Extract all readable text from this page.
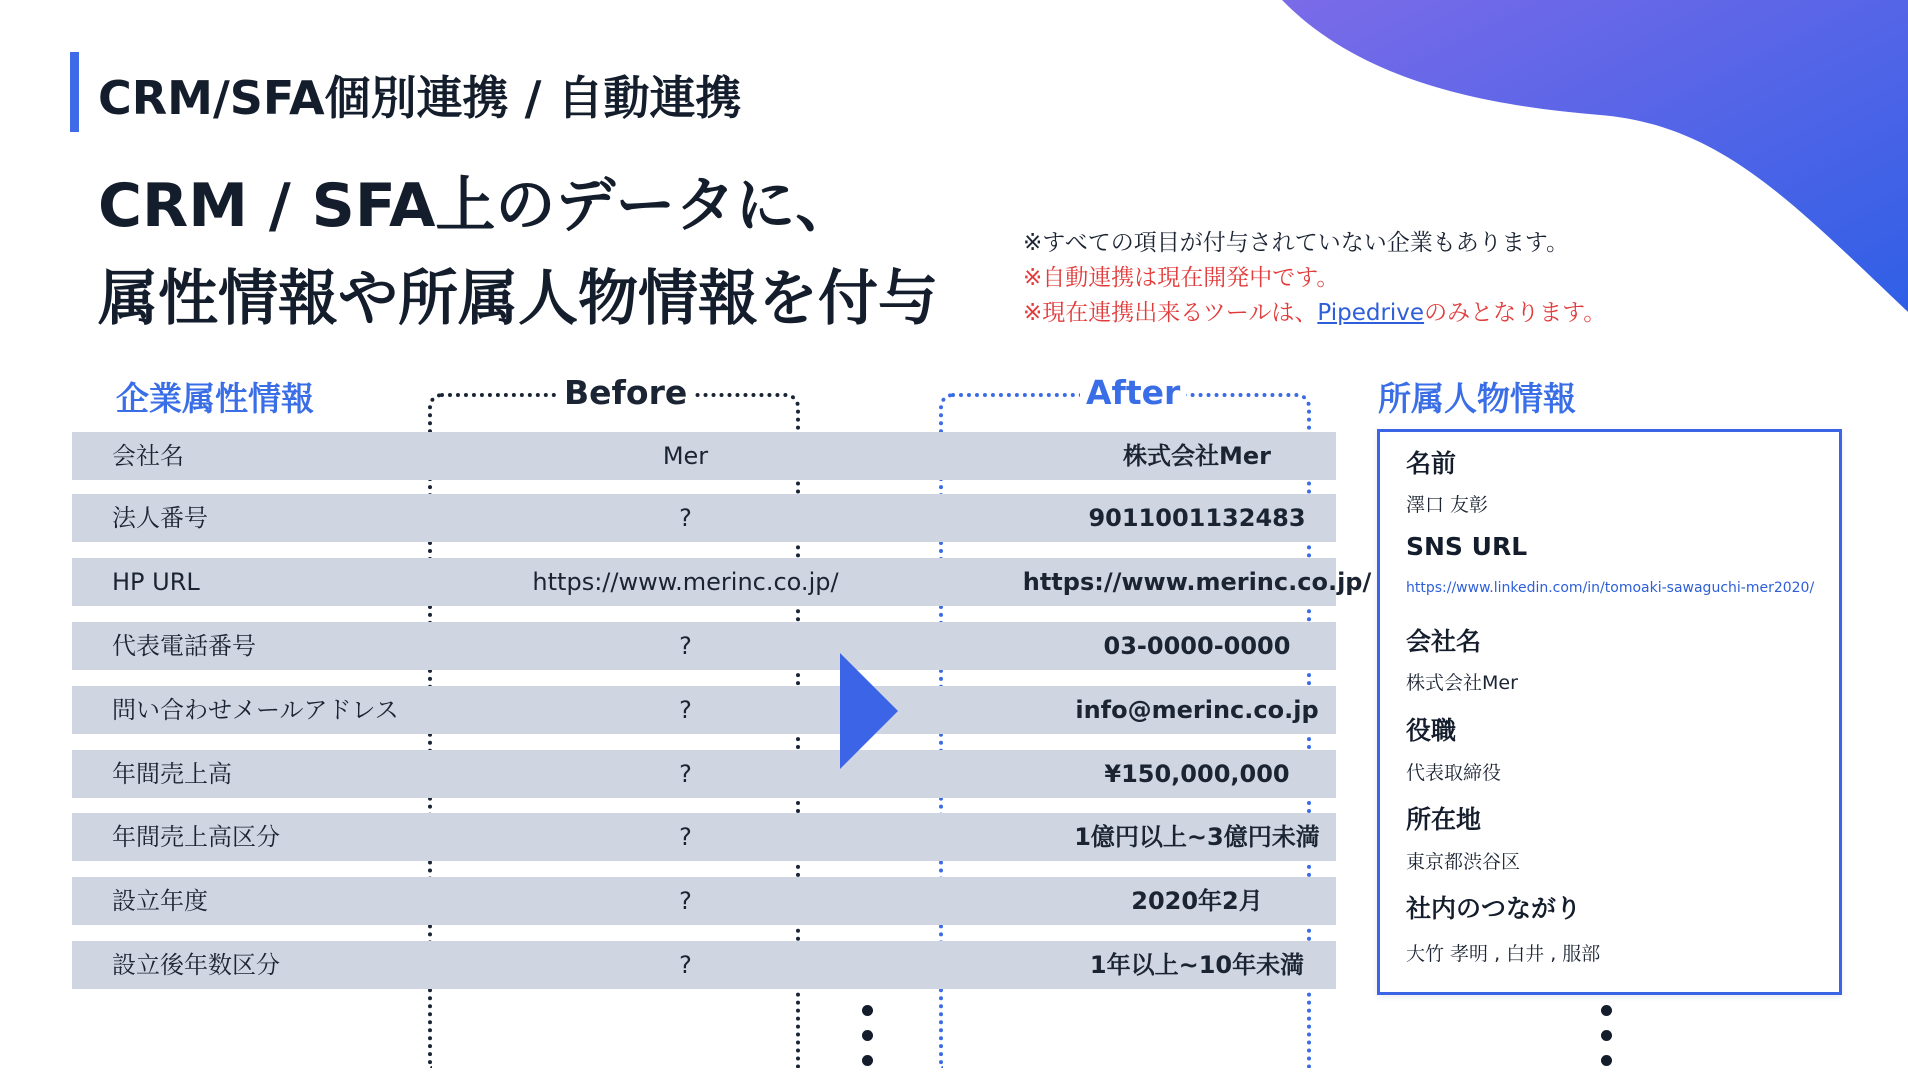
CRM/SFA個別連携 / 自動連携
CRM / SFA上のデータに、
属性情報や所属人物情報を付与
※すべての項目が付与されていない企業もあります。
※自動連携は現在開発中です。
※現在連携出来るツールは、Pipedriveのみとなります。
企業属性情報	Before	After	所属人物情報
会社名	Mer	株式会社Mer
法人番号	?	9011001132483
HP URL	https://www.merinc.co.jp/	https://www.merinc.co.jp/
代表電話番号	?	03-0000-0000
問い合わせメールアドレス	?	info@merinc.co.jp
年間売上高	?	¥150,000,000
年間売上高区分	?	1億円以上~3億円未満
設立年度	?	2020年2月
設立後年数区分	?	1年以上~10年未満
名前
澤口 友彰
SNS URL
https://www.linkedin.com/in/tomoaki-sawaguchi-mer2020/
会社名
株式会社Mer
役職
代表取締役
所在地
東京都渋谷区
社内のつながり
大竹 孝明 , 白井 , 服部
